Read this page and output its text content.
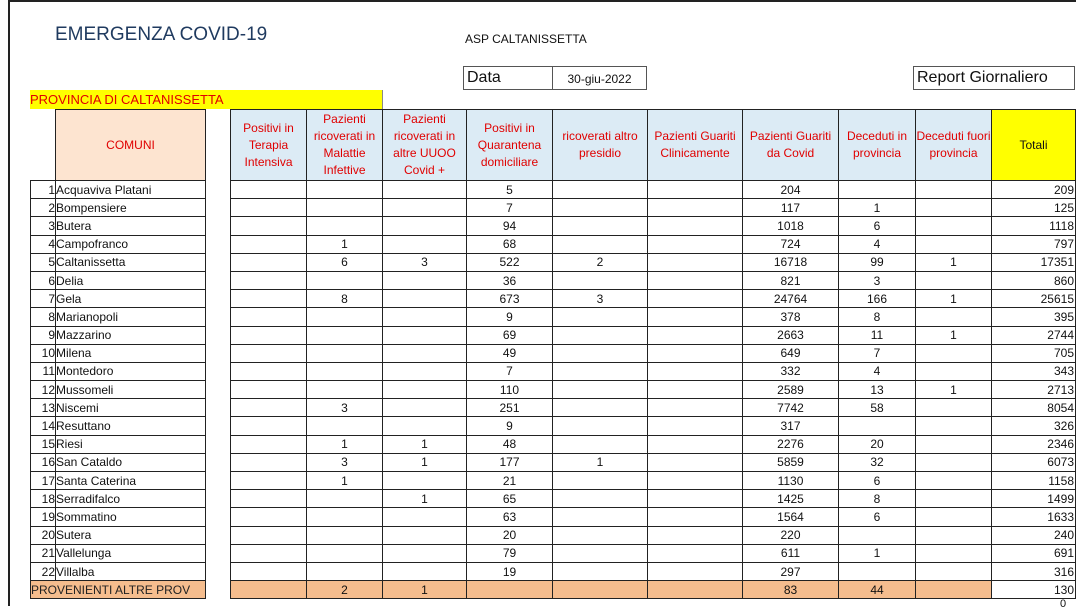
EMERGENZA COVID-19	ASP CALTANISSETTA
Data	30-giu-2022	Report Giornaliero
PROVINCIA DI CALTANISSETTA
	COMUNI		Positivi in Terapia Intensiva	Pazienti ricoverati in Malattie Infettive	Pazienti ricoverati in altre UUOO Covid +	Positivi in Quarantena domiciliare	ricoverati altro presidio	Pazienti Guariti Clinicamente	Pazienti Guariti da Covid	Deceduti in provincia	Deceduti fuori provincia	Totali
1	Acquaviva Platani					5			204			209
2	Bompensiere					7			117	1		125
3	Butera					94			1018	6		1118
4	Campofranco			1		68			724	4		797
5	Caltanissetta			6	3	522	2		16718	99	1	17351
6	Delia					36			821	3		860
7	Gela			8		673	3		24764	166	1	25615
8	Marianopoli					9			378	8		395
9	Mazzarino					69			2663	11	1	2744
10	Milena					49			649	7		705
11	Montedoro					7			332	4		343
12	Mussomeli					110			2589	13	1	2713
13	Niscemi			3		251			7742	58		8054
14	Resuttano					9			317			326
15	Riesi			1	1	48			2276	20		2346
16	San Cataldo			3	1	177	1		5859	32		6073
17	Santa Caterina			1		21			1130	6		1158
18	Serradifalco				1	65			1425	8		1499
19	Sommatino					63			1564	6		1633
20	Sutera					20			220			240
21	Vallelunga					79			611	1		691
22	Villalba					19			297			316
PROVENIENTI ALTRE PROV				2	1				83	44		130
0
